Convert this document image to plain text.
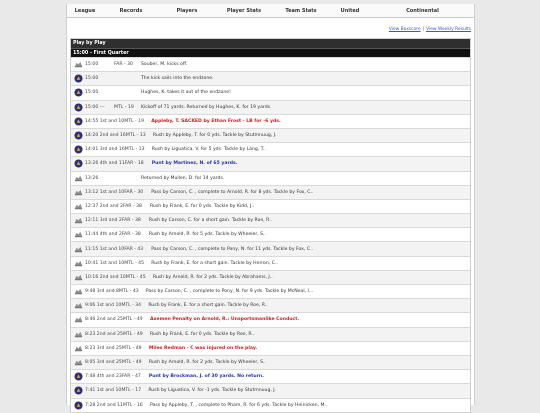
League	Records	Players	Player Stats	Team Stats	United	Continental
View Boxscore | View Weekly Results
Play by Play
15:00 - First Quarter
15:00	FAR - 30	Souber, M. kicks off.
15:00	The kick sails into the endzone.
15:00	Hughes, K. takes it out of the endzone!
15:00 ---	MTL - 19	Kickoff of 71 yards. Returned by Hughes, K. for 19 yards.
14:55 1st and 10 MTL - 19	Appleby, T. SACKED by Ethan Frost - LB for -6 yds.
14:20 2nd and 16 MTL - 13	Rush by Appleby, T. for 0 yds. Tackle by Stutmnuug, J.
14:01 3rd and 16 MTL - 13	Rush by Liguatica, V. for 5 yds. Tackle by Lang, T..
13:26 4th and 11 FAR - 18	Punt by Martinez, N. of 65 yards.
13:26	Returned by Mullen, D. for 14 yards.
13:12 1st and 10 FAR - 30	Pass by Carson, C. , complete to Arnold, R. for 8 yds. Tackle by Fox, C..
12:37 2nd and 2 FAR - 38	Rush by Frank, E. for 0 yds. Tackle by Kidd, J..
12:11 3rd and 2 FAR - 38	Rush by Carson, C. for a short gain. Tackle by Roe, R..
11:44 4th and 2 FAR - 38	Rush by Arnold, R. for 5 yds. Tackle by Wheeler, S..
11:15 1st and 10 FAR - 43	Pass by Carson, C. , complete to Pony, N. for 11 yds. Tackle by Fox, C..
10:41 1st and 10 MTL - 45	Rush by Frank, E. for a short gain. Tackle by Herron, C..
10:16 2nd and 10 MTL - 45	Rush by Arnold, R. for 2 yds. Tackle by Abrahams, J..
9:48 3rd and 8 MTL - 43	Pass by Carson, C. , complete to Pony, N. for 9 yds. Tackle by McNeal, I...
9:06 1st and 10 MTL - 34	Rush by Frank, E. for a short gain. Tackle by Roe, R..
8:46 2nd and 25 MTL - 49	Axemen Penalty on Arnold, R.: Unsportsmanlike Conduct.
8:23 2nd and 25 MTL - 49	Rush by Frank, E. for 0 yds. Tackle by Roe, R..
8:23 3rd and 25 MTL - 49	Miles Redman - C was injured on the play.
8:05 3rd and 25 MTL - 49	Rush by Arnold, R. for 2 yds. Tackle by Wheeler, S..
7:48 4th and 23 FAR - 47	Punt by Brockman, J. of 30 yards. No return.
7:41 1st and 10 MTL - 17	Rush by Liguatica, V. for -1 yds. Tackle by Stutmnuug, J.
7:28 2nd and 11 MTL - 16	Pass by Appleby, T. , complete to Pham, R. for 6 yds. Tackle by Heinicken, M..
